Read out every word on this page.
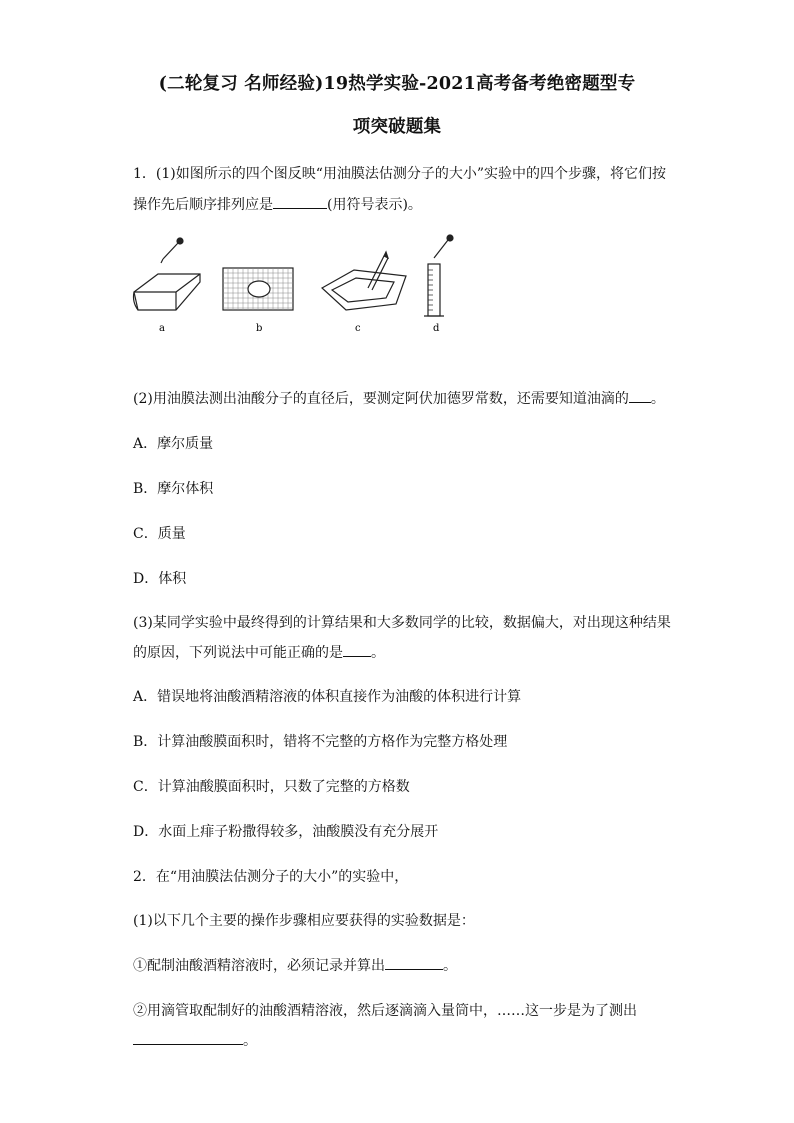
(二轮复习 名师经验)19热学实验-2021高考备考绝密题型专
项突破题集
1．(1)如图所示的四个图反映“用油膜法估测分子的大小”实验中的四个步骤，将它们按
操作先后顺序排列应是	(用符号表示)。
a	b	c	d
(2)用油膜法测出油酸分子的直径后，要测定阿伏加德罗常数，还需要知道油滴的 。
A．摩尔质量
B．摩尔体积
C．质量
D．体积
(3)某同学实验中最终得到的计算结果和大多数同学的比较，数据偏大，对出现这种结果
的原因，下列说法中可能正确的是 。
A．错误地将油酸酒精溶液的体积直接作为油酸的体积进行计算
B．计算油酸膜面积时，错将不完整的方格作为完整方格处理
C．计算油酸膜面积时，只数了完整的方格数
D．水面上痱子粉撒得较多，油酸膜没有充分展开
2．在“用油膜法估测分子的大小”的实验中，
(1)以下几个主要的操作步骤相应要获得的实验数据是：
①配制油酸酒精溶液时，必须记录并算出	。
②用滴管取配制好的油酸酒精溶液，然后逐滴滴入量筒中，……这一步是为了测出
。
